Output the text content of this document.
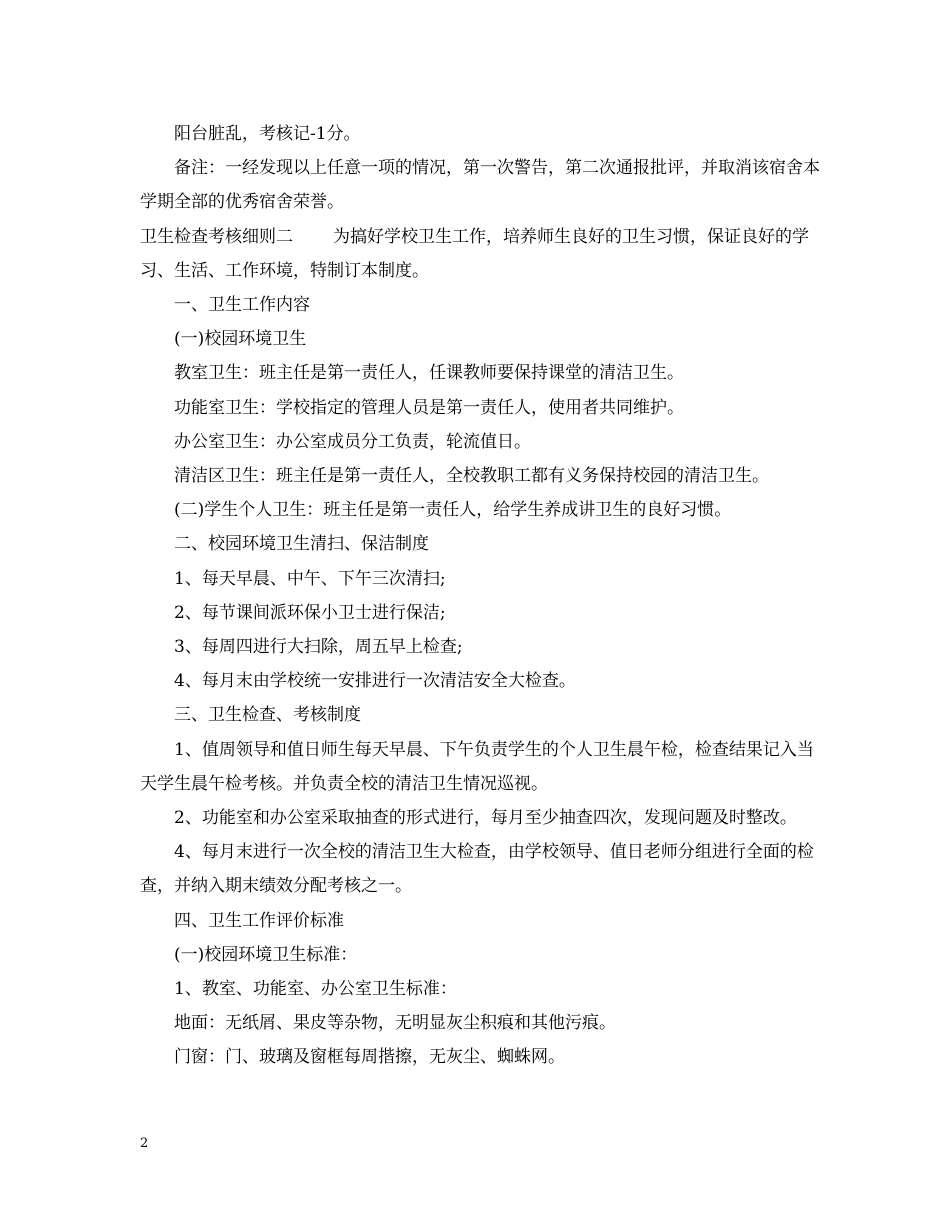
阳台脏乱，考核记-1分。

备注：一经发现以上任意一项的情况，第一次警告，第二次通报批评，并取消该宿舍本学期全部的优秀宿舍荣誉。

卫生检查考核细则二 为搞好学校卫生工作，培养师生良好的卫生习惯，保证良好的学习、生活、工作环境，特制订本制度。

一、卫生工作内容

(一)校园环境卫生

教室卫生：班主任是第一责任人，任课教师要保持课堂的清洁卫生。

功能室卫生：学校指定的管理人员是第一责任人，使用者共同维护。

办公室卫生：办公室成员分工负责，轮流值日。

清洁区卫生：班主任是第一责任人，全校教职工都有义务保持校园的清洁卫生。

(二)学生个人卫生：班主任是第一责任人，给学生养成讲卫生的良好习惯。

二、校园环境卫生清扫、保洁制度

1、每天早晨、中午、下午三次清扫;

2、每节课间派环保小卫士进行保洁;

3、每周四进行大扫除，周五早上检查;

4、每月末由学校统一安排进行一次清洁安全大检查。

三、卫生检查、考核制度

1、值周领导和值日师生每天早晨、下午负责学生的个人卫生晨午检，检查结果记入当天学生晨午检考核。并负责全校的清洁卫生情况巡视。

2、功能室和办公室采取抽查的形式进行，每月至少抽查四次，发现问题及时整改。

4、每月末进行一次全校的清洁卫生大检查，由学校领导、值日老师分组进行全面的检查，并纳入期末绩效分配考核之一。

四、卫生工作评价标准

(一)校园环境卫生标准：

1、教室、功能室、办公室卫生标准：

地面：无纸屑、果皮等杂物，无明显灰尘积痕和其他污痕。

门窗：门、玻璃及窗框每周揩擦，无灰尘、蜘蛛网。

2
